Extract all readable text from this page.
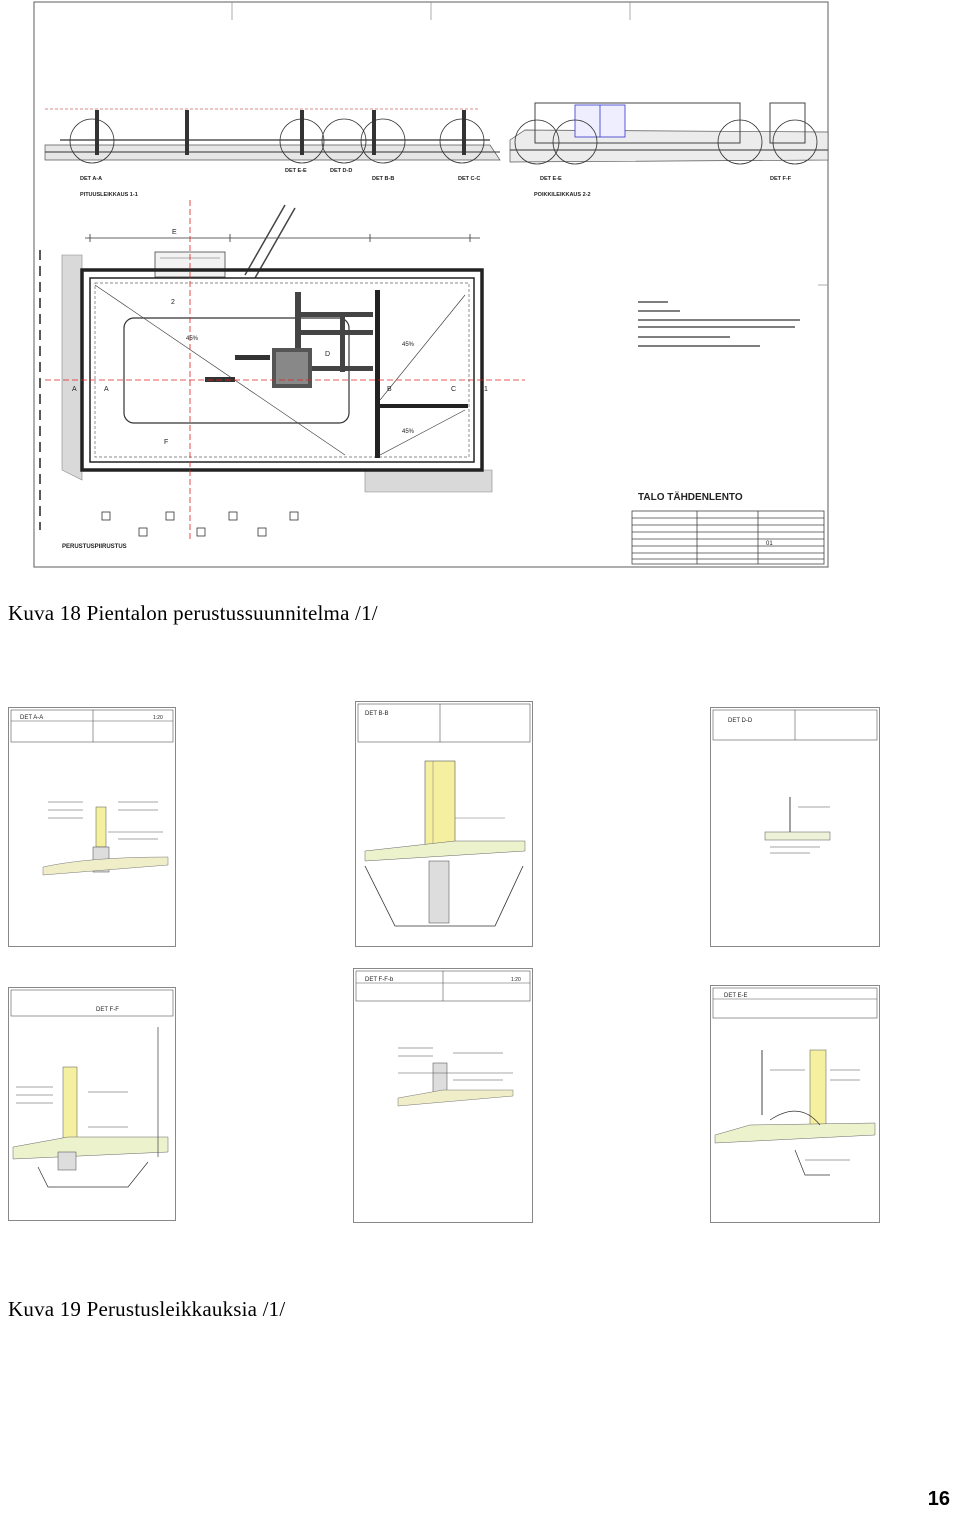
DET A-A
DET E-E	DET D-D
DET B-B	DET C-C	DET E-E	DET F-F
PITUUSLEIKKAUS 1-1	POIKKILEIKKAUS 2-2
A	A	B	C
D
E
F
1
2
45%
45%
45%
PERUSTUSPIIRUSTUS
TALO TÄHDENLENTO
01
Kuva 18 Pientalon perustussuunnitelma /1/
DET A-A	1:20
DET B-B
DET D-D
DET F-F
DET F-F-b	1:20
DET E-E
Kuva 19 Perustusleikkauksia /1/
16
